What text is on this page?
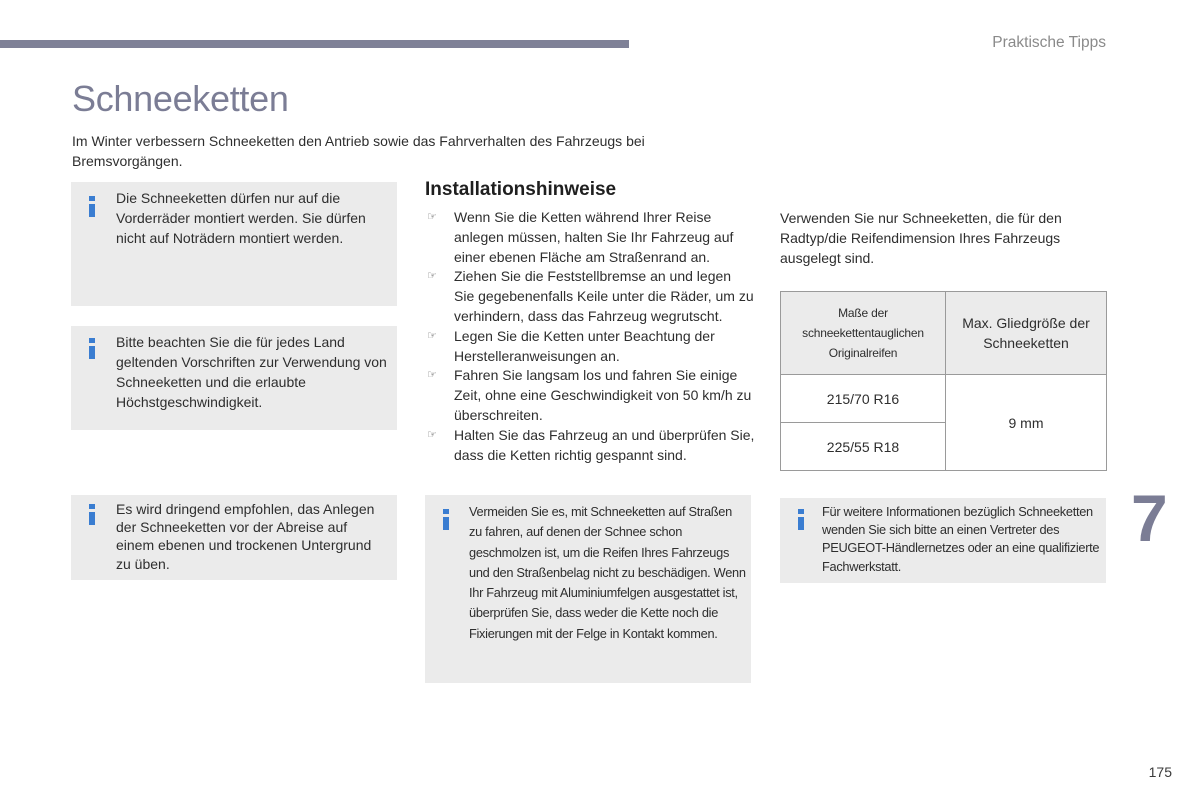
Praktische Tipps
Schneeketten
Im Winter verbessern Schneeketten den Antrieb sowie das Fahrverhalten des Fahrzeugs bei Bremsvorgängen.
Die Schneeketten dürfen nur auf die Vorderräder montiert werden. Sie dürfen nicht auf Noträdern montiert werden.
Bitte beachten Sie die für jedes Land geltenden Vorschriften zur Verwendung von Schneeketten und die erlaubte Höchstgeschwindigkeit.
Es wird dringend empfohlen, das Anlegen der Schneeketten vor der Abreise auf einem ebenen und trockenen Untergrund zu üben.
Installationshinweise
☞ Wenn Sie die Ketten während Ihrer Reise anlegen müssen, halten Sie Ihr Fahrzeug auf einer ebenen Fläche am Straßenrand an.
☞ Ziehen Sie die Feststellbremse an und legen Sie gegebenenfalls Keile unter die Räder, um zu verhindern, dass das Fahrzeug wegrutscht.
☞ Legen Sie die Ketten unter Beachtung der Herstelleranweisungen an.
☞ Fahren Sie langsam los und fahren Sie einige Zeit, ohne eine Geschwindigkeit von 50 km/h zu überschreiten.
☞ Halten Sie das Fahrzeug an und überprüfen Sie, dass die Ketten richtig gespannt sind.
Vermeiden Sie es, mit Schneeketten auf Straßen zu fahren, auf denen der Schnee schon geschmolzen ist, um die Reifen Ihres Fahrzeugs und den Straßenbelag nicht zu beschädigen. Wenn Ihr Fahrzeug mit Aluminiumfelgen ausgestattet ist, überprüfen Sie, dass weder die Kette noch die Fixierungen mit der Felge in Kontakt kommen.
Verwenden Sie nur Schneeketten, die für den Radtyp/die Reifendimension Ihres Fahrzeugs ausgelegt sind.
Maße der schneekettentauglichen Originalreifen	Max. Gliedgröße der Schneeketten
215/70 R16	9 mm
225/55 R18	
Für weitere Informationen bezüglich Schneeketten wenden Sie sich bitte an einen Vertreter des PEUGEOT-Händlernetzes oder an eine qualifizierte Fachwerkstatt.
7
175
